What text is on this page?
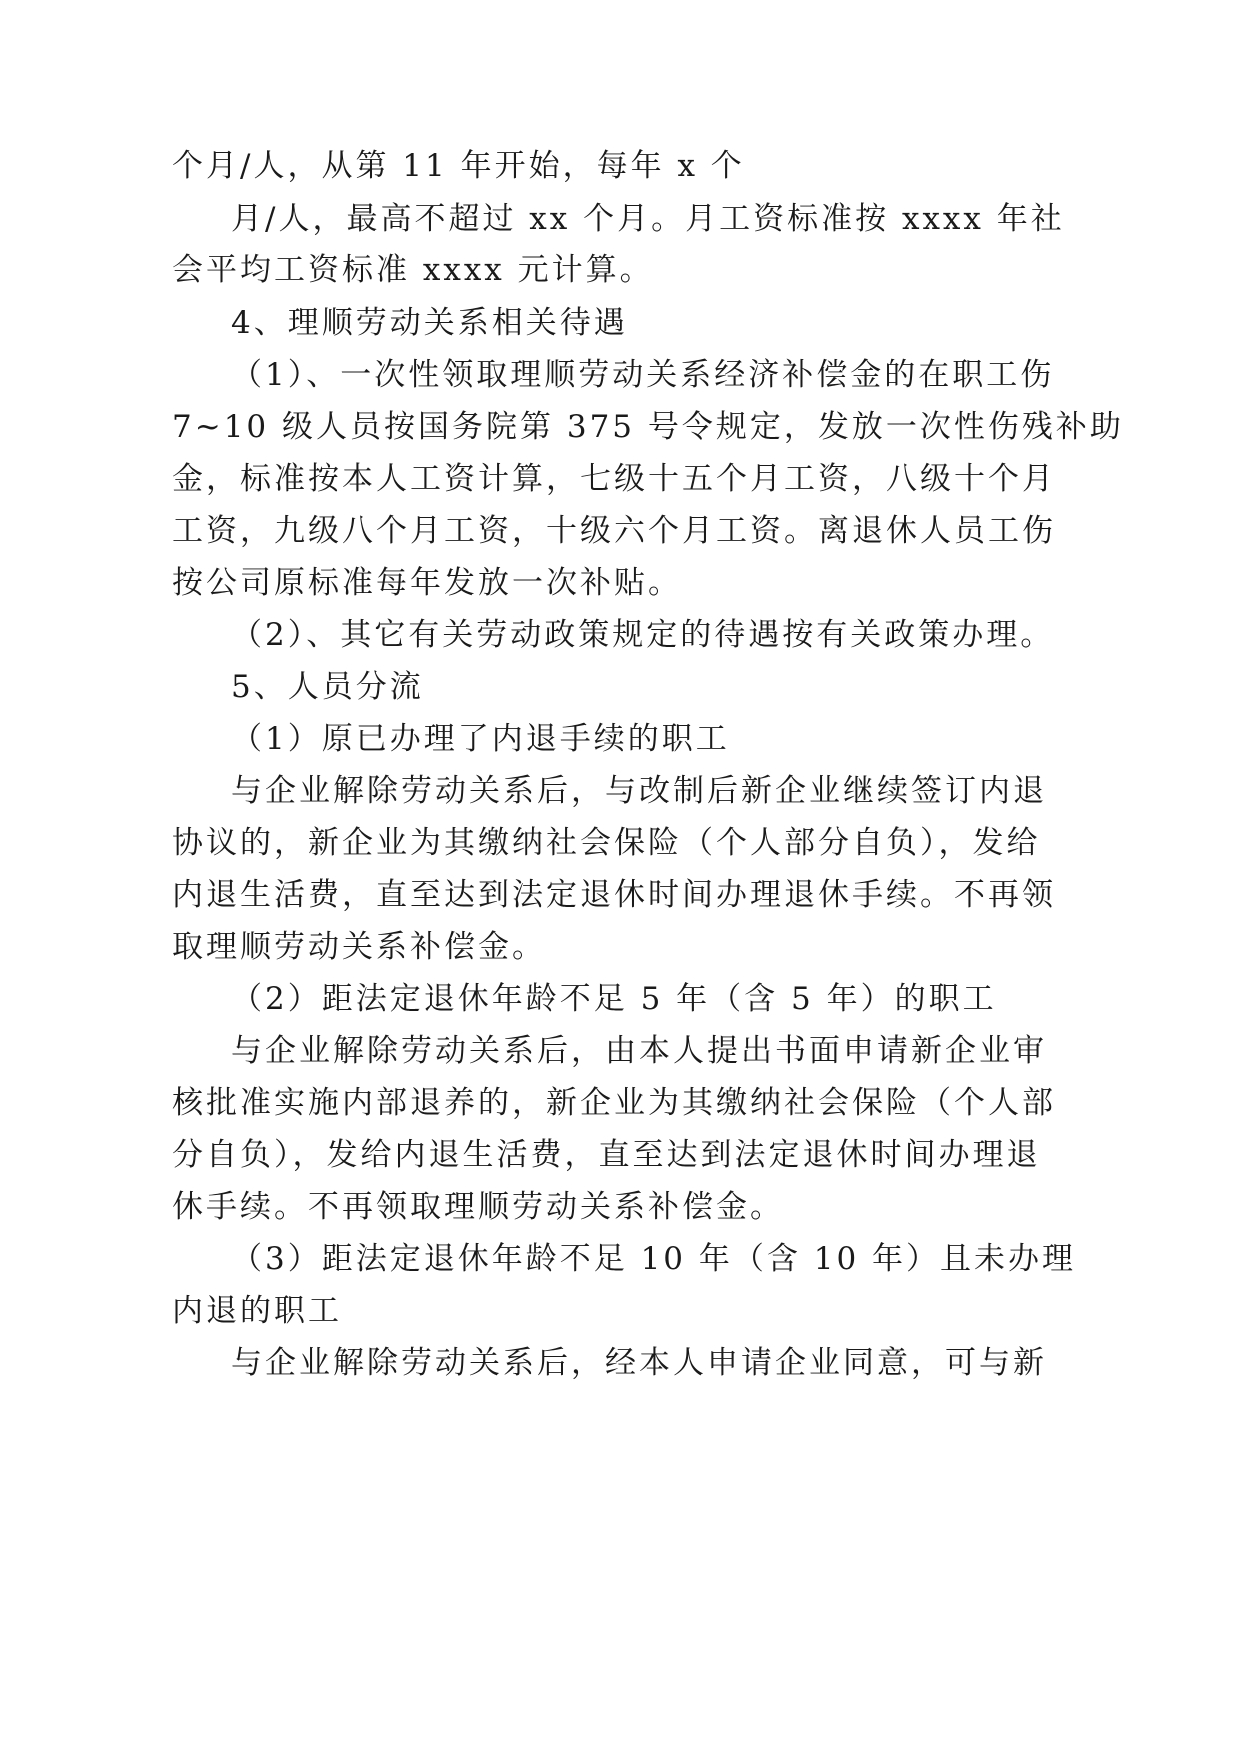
个月/人，从第 11 年开始，每年 x 个
月/人，最高不超过 xx 个月。月工资标准按 xxxx 年社
会平均工资标准 xxxx 元计算。
4、理顺劳动关系相关待遇
（1）、一次性领取理顺劳动关系经济补偿金的在职工伤
7~10 级人员按国务院第 375 号令规定，发放一次性伤残补助
金，标准按本人工资计算，七级十五个月工资，八级十个月
工资，九级八个月工资，十级六个月工资。离退休人员工伤
按公司原标准每年发放一次补贴。
（2）、其它有关劳动政策规定的待遇按有关政策办理。
5、人员分流
（1）原已办理了内退手续的职工
与企业解除劳动关系后，与改制后新企业继续签订内退
协议的，新企业为其缴纳社会保险（个人部分自负），发给
内退生活费，直至达到法定退休时间办理退休手续。不再领
取理顺劳动关系补偿金。
（2）距法定退休年龄不足 5 年（含 5 年）的职工
与企业解除劳动关系后，由本人提出书面申请新企业审
核批准实施内部退养的，新企业为其缴纳社会保险（个人部
分自负），发给内退生活费，直至达到法定退休时间办理退
休手续。不再领取理顺劳动关系补偿金。
（3）距法定退休年龄不足 10 年（含 10 年）且未办理
内退的职工
与企业解除劳动关系后，经本人申请企业同意，可与新
